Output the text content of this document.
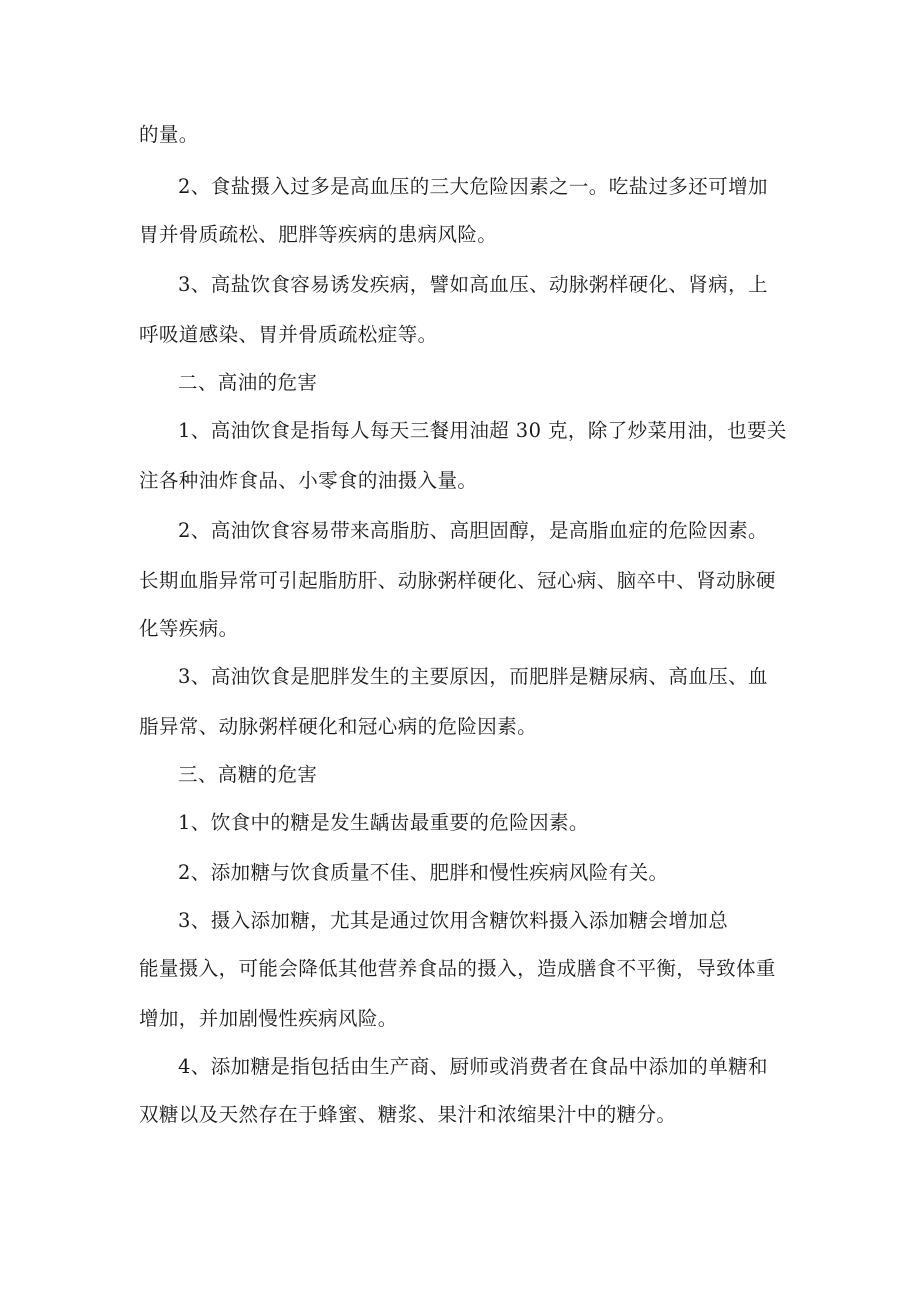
的量。
2、食盐摄入过多是高血压的三大危险因素之一。吃盐过多还可增加
胃并骨质疏松、肥胖等疾病的患病风险。
3、高盐饮食容易诱发疾病，譬如高血压、动脉粥样硬化、肾病，上
呼吸道感染、胃并骨质疏松症等。
二、高油的危害
1、高油饮食是指每人每天三餐用油超 30 克，除了炒菜用油，也要关
注各种油炸食品、小零食的油摄入量。
2、高油饮食容易带来高脂肪、高胆固醇，是高脂血症的危险因素。
长期血脂异常可引起脂肪肝、动脉粥样硬化、冠心病、脑卒中、肾动脉硬
化等疾病。
3、高油饮食是肥胖发生的主要原因，而肥胖是糖尿病、高血压、血
脂异常、动脉粥样硬化和冠心病的危险因素。
三、高糖的危害
1、饮食中的糖是发生龋齿最重要的危险因素。
2、添加糖与饮食质量不佳、肥胖和慢性疾病风险有关。
3、摄入添加糖，尤其是通过饮用含糖饮料摄入添加糖会增加总
能量摄入，可能会降低其他营养食品的摄入，造成膳食不平衡，导致体重
增加，并加剧慢性疾病风险。
4、添加糖是指包括由生产商、厨师或消费者在食品中添加的单糖和
双糖以及天然存在于蜂蜜、糖浆、果汁和浓缩果汁中的糖分。
